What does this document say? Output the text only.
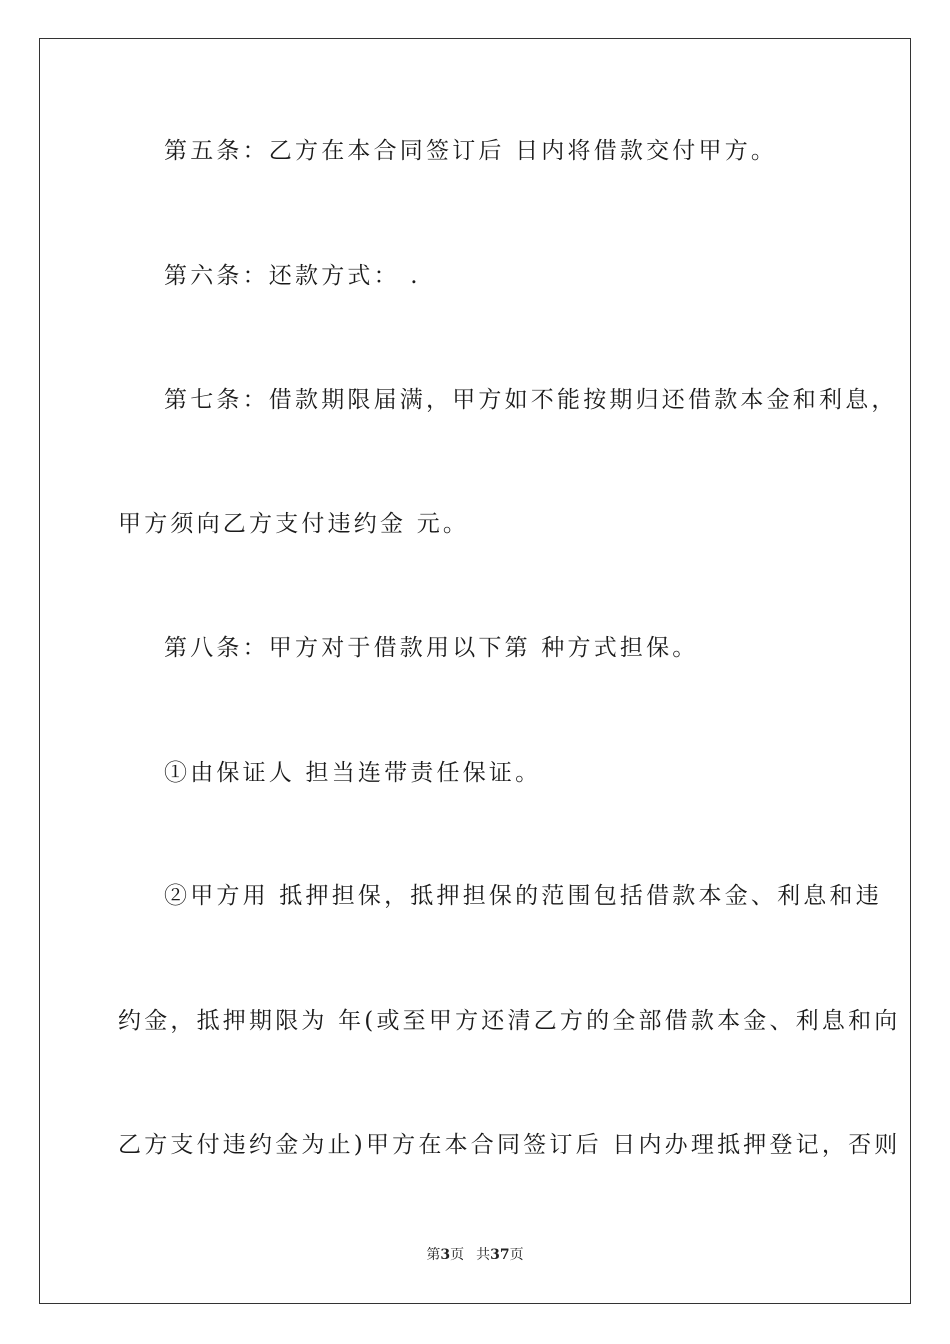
第五条：乙方在本合同签订后 日内将借款交付甲方。
第六条：还款方式： .
第七条：借款期限届满，甲方如不能按期归还借款本金和利息，
甲方须向乙方支付违约金 元。
第八条：甲方对于借款用以下第 种方式担保。
①由保证人 担当连带责任保证。
②甲方用 抵押担保，抵押担保的范围包括借款本金、利息和违
约金，抵押期限为 年(或至甲方还清乙方的全部借款本金、利息和向
乙方支付违约金为止)甲方在本合同签订后 日内办理抵押登记，否则
第3页 共37页
